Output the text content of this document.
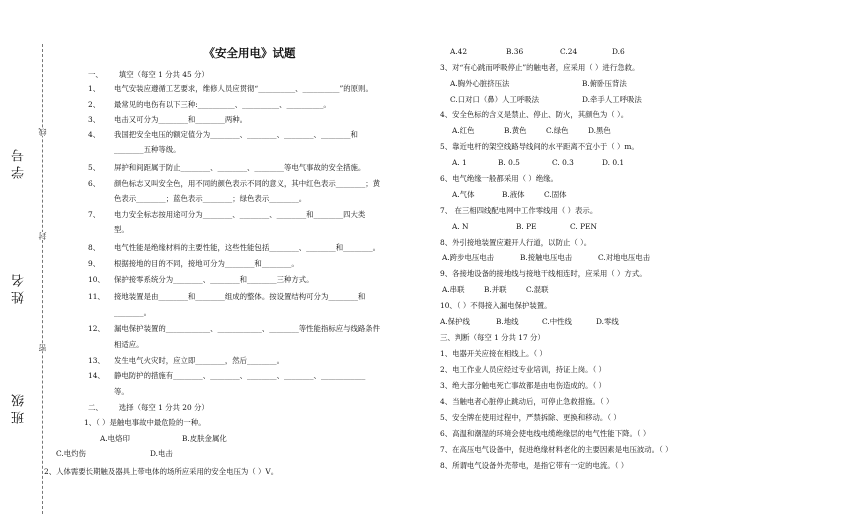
学号
姓名
班级
线
封
密
《安全用电》试题
一、 填空（每空 1 分共 45 分）
1、 电气安装应遵循工艺要求，维修人员应贯彻“__________、__________”的原则。
2、 最常见的电伤有以下三种:__________、__________、__________。
3、 电击又可分为________和________两种。
4、 我国把安全电压的额定值分为________、________、________、________和
________五种等级。
5、 屏护和间距属于防止________、________、________等电气事故的安全措施。
6、 颜色标志又叫安全色，用不同的颜色表示不同的意义，其中红色表示________；黄
色表示________；蓝色表示________；绿色表示________。
7、 电力安全标志按用途可分为________、________、________和________四大类
型。
8、 电气性能是绝缘材料的主要性能，这些性能包括________、________和________。
9、 根据接地的目的不同，接地可分为________和________。
10、 保护接零系统分为________、________和________三种方式。
11、 接地装置是由________和________组成的整体。按设置结构可分为________和
________。
12、 漏电保护装置的____________、____________、________等性能指标应与线路条件
相适应。
13、 发生电气火灾时，应立即________，然后________。
14、 静电防护的措施有________、________、________、________、____________
等。
二、 选择（每空 1 分共 20 分）
1、（ ）是触电事故中最危险的一种。
A.电烙印	B.皮肤金属化
C.电灼伤	D.电击
2、人体需要长期触及器具上带电体的场所应采用的安全电压为（ ）V。
A.42	B.36	C.24	D.6
3、对“有心跳而呼吸停止”的触电者，应采用（ ）进行急救。
A.胸外心脏挤压法	B.俯卧压背法
C.口对口（鼻）人工呼吸法	D.牵手人工呼吸法
4、安全色标的含义是禁止、停止、防火，其颜色为（ ）。
A.红色	B.黄色	C.绿色	D.黑色
5、靠近电杆的架空线路导线间的水平距离不宜小于（ ）m。
A. 1	B. 0.5	C. 0.3	D. 0.1
6、电气绝缘一般都采用（ ）绝缘。
A.气体	B.液体	C.固体
7、 在三相四线配电网中工作零线用（ ）表示。
A. N	B. PE	C. PEN
8、外引接地装置应避开人行道，以防止（ ）。
A.跨步电压电击	B.接触电压电击	C.对地电压电击
9、各接地设备的接地线与接地干线相连时，应采用（ ）方式。
A.串联	B.并联	C.混联
10、（ ）不得接入漏电保护装置。
A.保护线	B.地线	C.中性线	D.零线
三、判断（每空 1 分共 17 分）
1、电器开关应接在相线上。（ ）
2、电工作业人员应经过专业培训，持证上岗。（ ）
3、绝大部分触电死亡事故都是由电伤造成的。（ ）
4、当触电者心脏停止跳动后，可停止急救措施。（ ）
5、安全牌在使用过程中，严禁拆除、更换和移动。（ ）
6、高温和潮湿的环境会使电线电缆绝缘层的电气性能下降。（ ）
7、在高压电气设备中，促进绝缘材料老化的主要因素是电压波动。（ ）
8、所谓电气设备外壳带电，是指它带有一定的电流。（ ）
